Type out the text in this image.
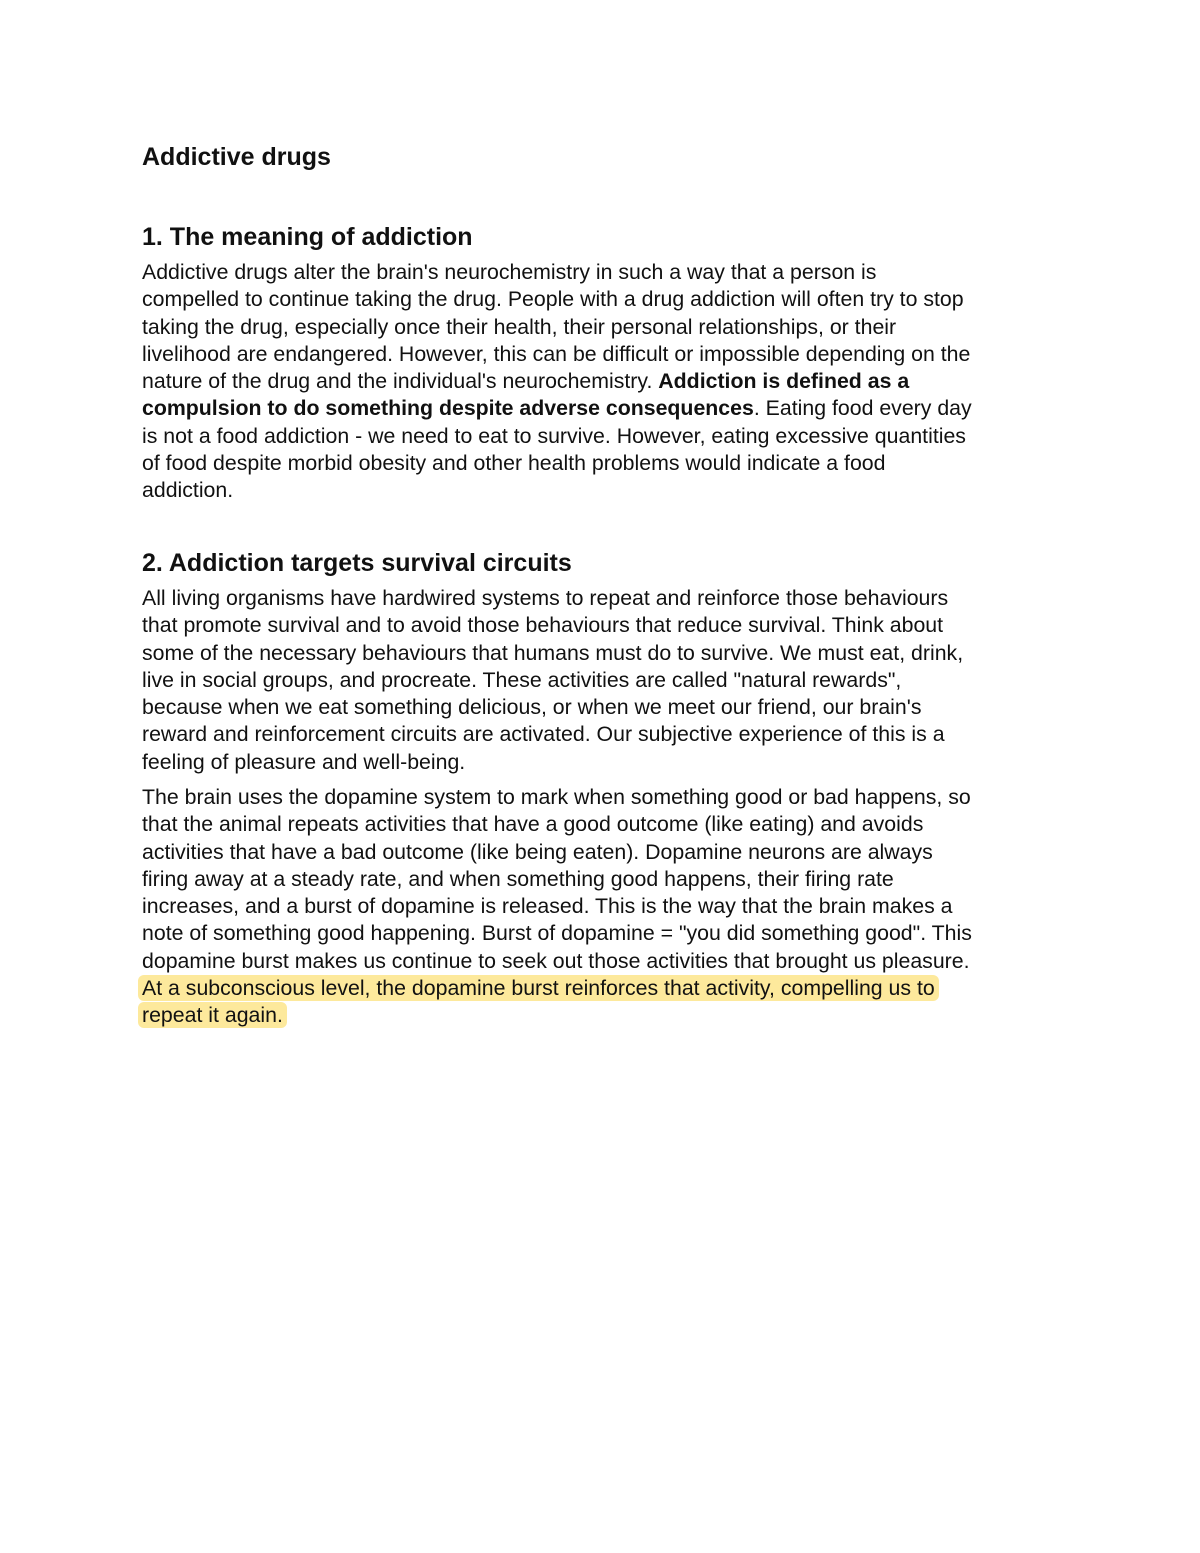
Addictive drugs
1. The meaning of addiction
Addictive drugs alter the brain's neurochemistry in such a way that a person is
compelled to continue taking the drug. People with a drug addiction will often try to stop
taking the drug, especially once their health, their personal relationships, or their
livelihood are endangered. However, this can be difficult or impossible depending on the
nature of the drug and the individual's neurochemistry. Addiction is defined as a
compulsion to do something despite adverse consequences. Eating food every day
is not a food addiction - we need to eat to survive. However, eating excessive quantities
of food despite morbid obesity and other health problems would indicate a food
addiction.
2. Addiction targets survival circuits
All living organisms have hardwired systems to repeat and reinforce those behaviours
that promote survival and to avoid those behaviours that reduce survival. Think about
some of the necessary behaviours that humans must do to survive. We must eat, drink,
live in social groups, and procreate. These activities are called "natural rewards",
because when we eat something delicious, or when we meet our friend, our brain's
reward and reinforcement circuits are activated. Our subjective experience of this is a
feeling of pleasure and well-being.
The brain uses the dopamine system to mark when something good or bad happens, so
that the animal repeats activities that have a good outcome (like eating) and avoids
activities that have a bad outcome (like being eaten). Dopamine neurons are always
firing away at a steady rate, and when something good happens, their firing rate
increases, and a burst of dopamine is released. This is the way that the brain makes a
note of something good happening. Burst of dopamine = "you did something good". This
dopamine burst makes us continue to seek out those activities that brought us pleasure.
At a subconscious level, the dopamine burst reinforces that activity, compelling us to
repeat it again.
